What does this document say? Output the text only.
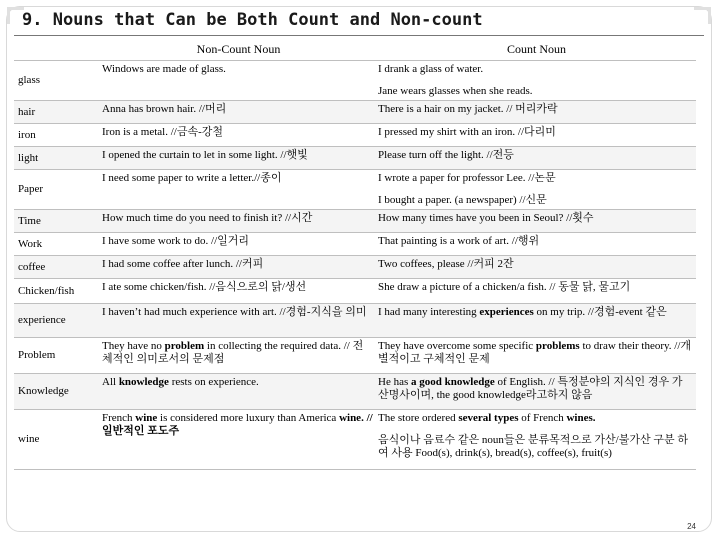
9. Nouns that Can be Both Count and Non-count
	Non-Count Noun	Count Noun
glass	Windows are made of glass.	I drank a glass of water.
Jane wears glasses when she reads.

hair	Anna has brown hair. //머리	There is a hair on my jacket. // 머리카락
iron	Iron is a metal. //금속-강철	I pressed my shirt with an iron. //다리미
light	I opened the curtain to let in some light. //햇빛	Please turn off the light. //전등
Paper	I need some paper to write a letter.//종이	I wrote a paper for professor Lee. //논문
I bought a paper. (a newspaper) //신문

Time	How much time do you need to finish it? //시간	How many times have you been in Seoul? //횟수
Work	I have some work to do. //일거리	That painting is a work of art. //행위
coffee	I had some coffee after lunch. //커피	Two coffees, please //커피 2잔
Chicken/fish	I ate some chicken/fish. //음식으로의 닭/생선	She draw a picture of a chicken/a fish. // 동물 닭, 물고기
experience	I haven’t had much experience with art. //경험-지식을 의미	I had many interesting experiences on my trip. //경험-event 같은
Problem	They have no problem in collecting the required data. // 전체적인 의미로서의 문제점	They have overcome some specific problems to draw their theory. //개별적이고 구체적인 문제
Knowledge	All knowledge rests on experience.	He has a good knowledge of English. // 특정분야의 지식인 경우 가산명사이며, the good knowledge라고하지 않음
wine	French wine is considered more luxury than America wine. // 일반적인 포도주	The store ordered several types of French wines.
음식이나 음료수 같은 noun들은 분류목적으로 가산/불가산 구분 하여 사용 Food(s), drink(s), bread(s), coffee(s), fruit(s)
24
